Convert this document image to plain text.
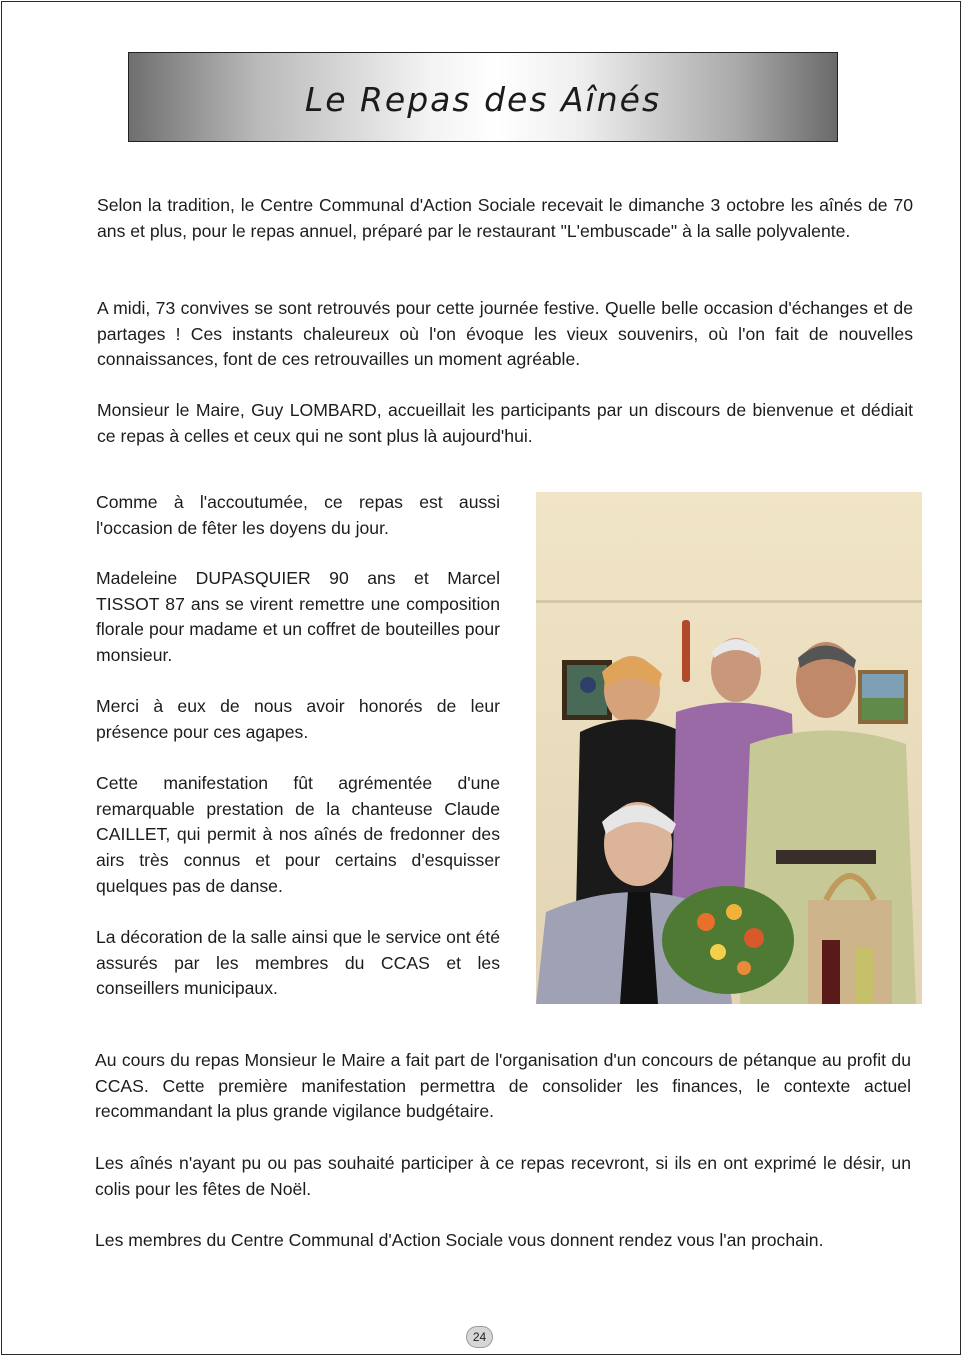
Le Repas des Aînés

Selon la tradition, le Centre Communal d'Action Sociale recevait le dimanche 3 octobre les aînés de 70 ans et plus, pour le repas annuel, préparé par le restaurant "L'embuscade" à la salle polyvalente.

A midi, 73 convives se sont retrouvés pour cette journée festive. Quelle belle occasion d'échanges et de partages ! Ces instants chaleureux où l'on évoque les vieux souvenirs, où l'on fait de nouvelles connaissances, font de ces retrouvailles un moment agréable.

Monsieur le Maire, Guy LOMBARD, accueillait les participants par un discours de bienvenue et dédiait ce repas à celles et ceux qui ne sont plus là aujourd'hui.

Comme à l'accoutumée, ce repas est aussi l'occasion de fêter les doyens du jour.

Madeleine DUPASQUIER 90 ans et Marcel TISSOT 87 ans se virent remettre une composition florale pour madame et un coffret de bouteilles pour monsieur.

Merci à eux de nous avoir honorés de leur présence pour ces agapes.

Cette manifestation fût agrémentée d'une remarquable prestation de la chanteuse Claude CAILLET, qui permit à nos aînés de fredonner des airs très connus et pour certains d'esquisser quelques pas de danse.

La décoration de la salle ainsi que le service ont été assurés par les membres du CCAS et les conseillers municipaux.

Au cours du repas Monsieur le Maire a fait part de l'organisation d'un concours de pétanque au profit du CCAS. Cette première manifestation permettra de consolider les finances, le contexte actuel recommandant la plus grande vigilance budgétaire.

Les aînés n'ayant pu ou pas souhaité participer à ce repas recevront, si ils en ont exprimé le désir, un colis pour les fêtes de Noël.

Les membres du Centre Communal d'Action Sociale vous donnent rendez vous l'an prochain.

24
